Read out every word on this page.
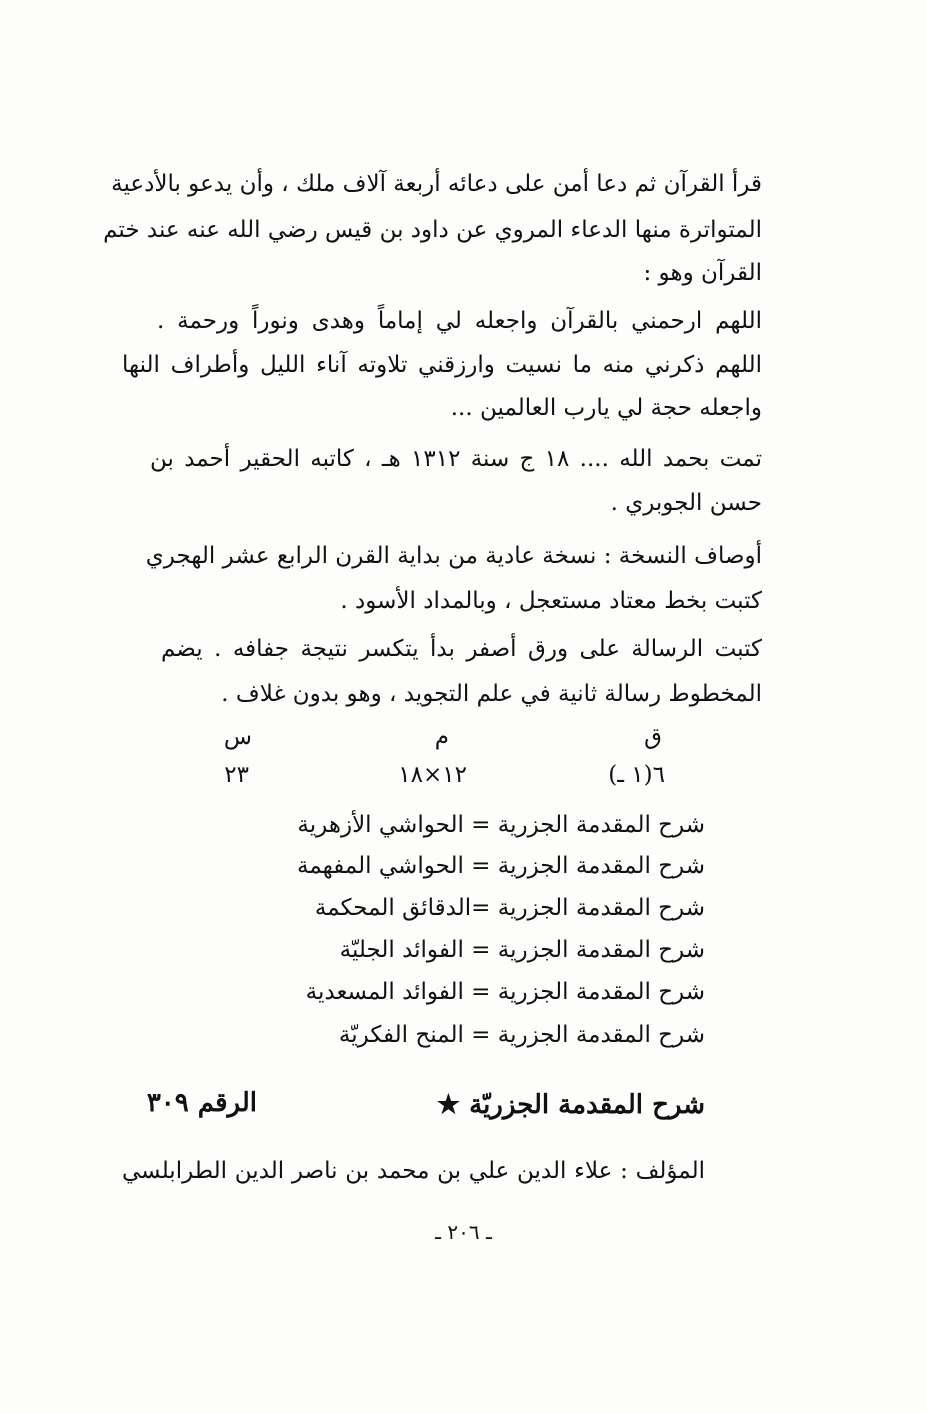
قرأ القرآن ثم دعا أمن على دعائه أربعة آلاف ملك ، وأن يدعو بالأدعية
المتواترة منها الدعاء المروي عن داود بن قيس رضي الله عنه عند ختم
القرآن وهو :
اللهم ارحمني بالقرآن واجعله لي إماماً وهدى ونوراً ورحمة .
اللهم ذكرني منه ما نسيت وارزقني تلاوته آناء الليل وأطراف النها
واجعله حجة لي يارب العالمين ...
تمت بحمد الله .... ١٨ ج سنة ١٣١٢ هـ ، كاتبه الحقير أحمد بن
حسن الجوبري .
أوصاف النسخة : نسخة عادية من بداية القرن الرابع عشر الهجري
كتبت بخط معتاد مستعجل ، وبالمداد الأسود .
كتبت الرسالة على ورق أصفر بدأ يتكسر نتيجة جفافه . يضم
المخطوط رسالة ثانية في علم التجويد ، وهو بدون غلاف .
ق
م
س
٦(١ ـ)
١٢×١٨
٢٣
شرح المقدمة الجزرية = الحواشي الأزهرية
شرح المقدمة الجزرية = الحواشي المفهمة
شرح المقدمة الجزرية =الدقائق المحكمة
شرح المقدمة الجزرية = الفوائد الجليّة
شرح المقدمة الجزرية = الفوائد المسعدية
شرح المقدمة الجزرية = المنح الفكريّة
شرح المقدمة الجزريّة ★
الرقم ٣٠٩
المؤلف : علاء الدين علي بن محمد بن ناصر الدين الطرابلسي
ـ ٢٠٦ ـ
